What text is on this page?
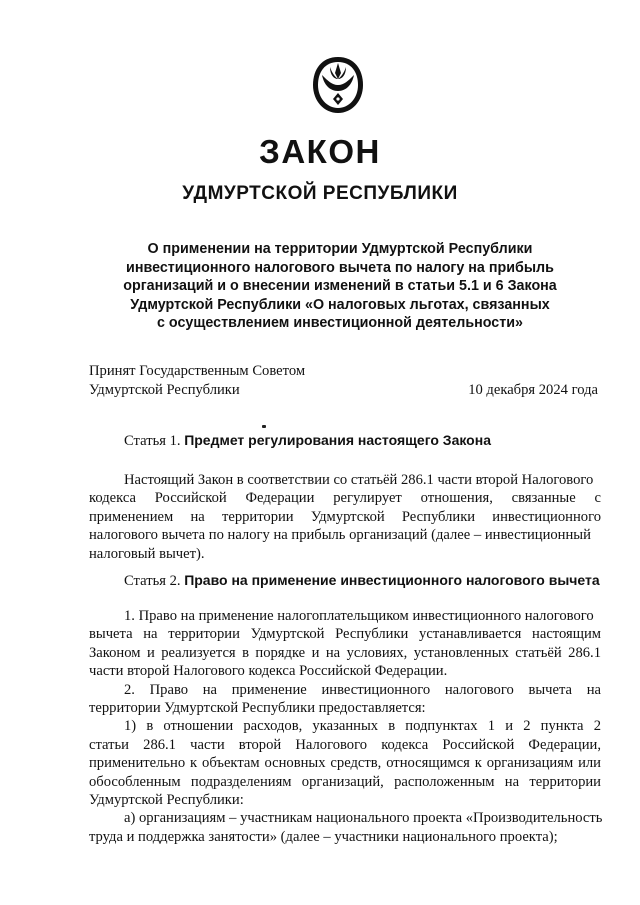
ЗАКОН
УДМУРТСКОЙ РЕСПУБЛИКИ
О применении на территории Удмуртской Республики
инвестиционного налогового вычета по налогу на прибыль
организаций и о внесении изменений в статьи 5.1 и 6 Закона
Удмуртской Республики «О налоговых льготах, связанных
с осуществлением инвестиционной деятельности»
Принят Государственным Советом
Удмуртской Республики	10 декабря 2024 года
Статья 1. Предмет регулирования настоящего Закона
Настоящий Закон в соответствии со статьёй 286.1 части второй Налогового
кодекса Российской Федерации регулирует отношения, связанные с
применением на территории Удмуртской Республики инвестиционного
налогового вычета по налогу на прибыль организаций (далее – инвестиционный
налоговый вычет).
Статья 2. Право на применение инвестиционного налогового вычета
1. Право на применение налогоплательщиком инвестиционного налогового
вычета на территории Удмуртской Республики устанавливается настоящим
Законом и реализуется в порядке и на условиях, установленных статьёй 286.1
части второй Налогового кодекса Российской Федерации.
2. Право на применение инвестиционного налогового вычета на
территории Удмуртской Республики предоставляется:
1) в отношении расходов, указанных в подпунктах 1 и 2 пункта 2
статьи 286.1 части второй Налогового кодекса Российской Федерации,
применительно к объектам основных средств, относящимся к организациям или
обособленным подразделениям организаций, расположенным на территории
Удмуртской Республики:
а) организациям – участникам национального проекта «Производительность
труда и поддержка занятости» (далее – участники национального проекта);
